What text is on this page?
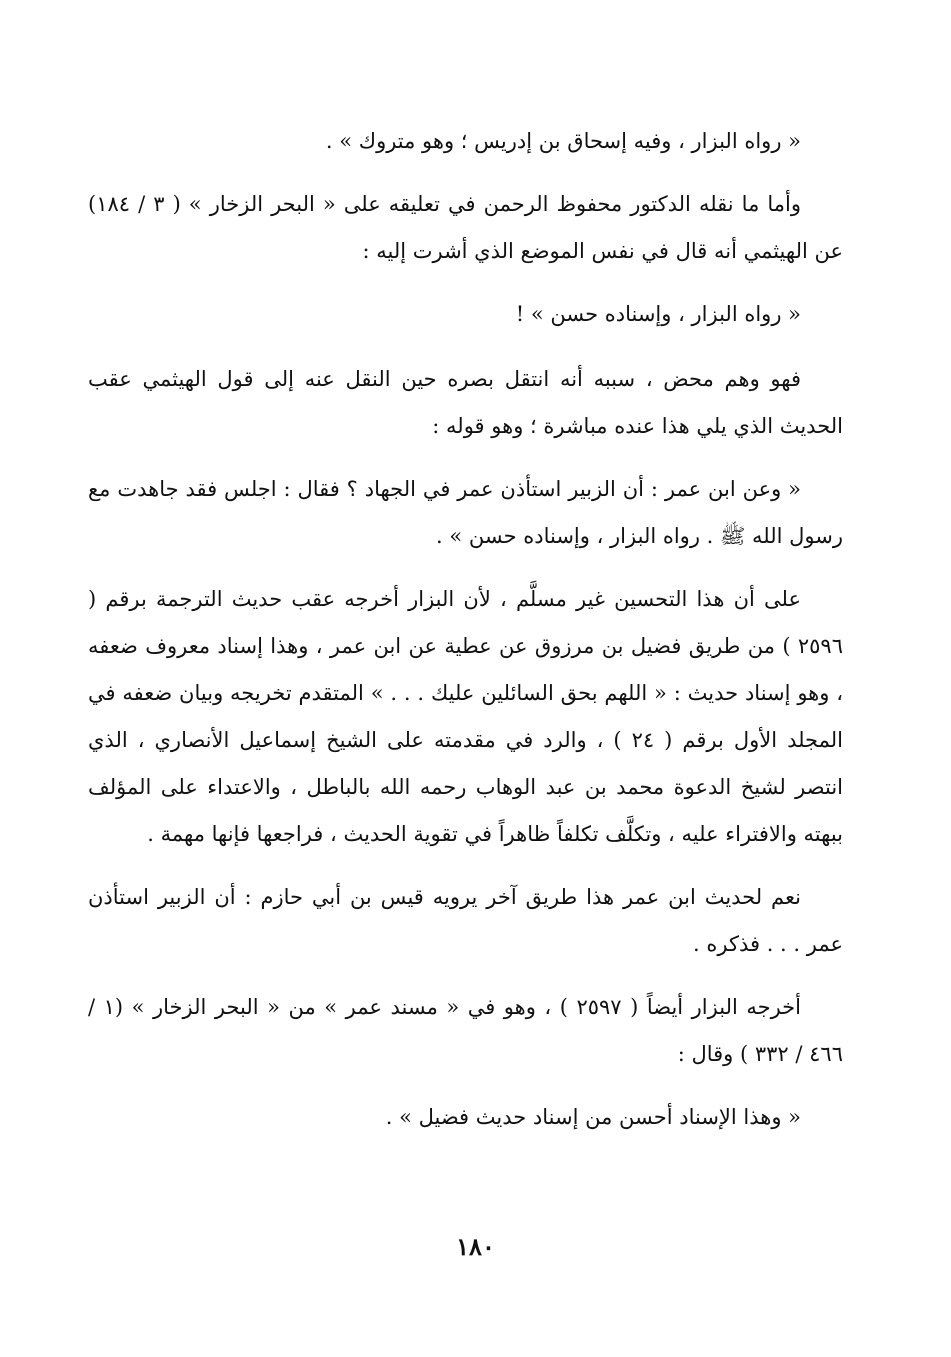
« رواه البزار ، وفيه إسحاق بن إدريس ؛ وهو متروك » .

وأما ما نقله الدكتور محفوظ الرحمن في تعليقه على « البحر الزخار » ( ٣ / ١٨٤) عن الهيثمي أنه قال في نفس الموضع الذي أشرت إليه :

« رواه البزار ، وإسناده حسن » !

فهو وهم محض ، سببه أنه انتقل بصره حين النقل عنه إلى قول الهيثمي عقب الحديث الذي يلي هذا عنده مباشرة ؛ وهو قوله :

« وعن ابن عمر : أن الزبير استأذن عمر في الجهاد ؟ فقال : اجلس فقد جاهدت مع رسول الله ﷺ . رواه البزار ، وإسناده حسن » .

على أن هذا التحسين غير مسلَّم ، لأن البزار أخرجه عقب حديث الترجمة برقم ( ٢٥٩٦ ) من طريق فضيل بن مرزوق عن عطية عن ابن عمر ، وهذا إسناد معروف ضعفه ، وهو إسناد حديث : « اللهم بحق السائلين عليك . . . » المتقدم تخريجه وبيان ضعفه في المجلد الأول برقم ( ٢٤ ) ، والرد في مقدمته على الشيخ إسماعيل الأنصاري ، الذي انتصر لشيخ الدعوة محمد بن عبد الوهاب رحمه الله بالباطل ، والاعتداء على المؤلف ببهته والافتراء عليه ، وتكلَّف تكلفاً ظاهراً في تقوية الحديث ، فراجعها فإنها مهمة .

نعم لحديث ابن عمر هذا طريق آخر يرويه قيس بن أبي حازم : أن الزبير استأذن عمر . . . فذكره .

أخرجه البزار أيضاً ( ٢٥٩٧ ) ، وهو في « مسند عمر » من « البحر الزخار » (١ / ٤٦٦ / ٣٣٢ ) وقال :

« وهذا الإسناد أحسن من إسناد حديث فضيل » .

١٨٠
